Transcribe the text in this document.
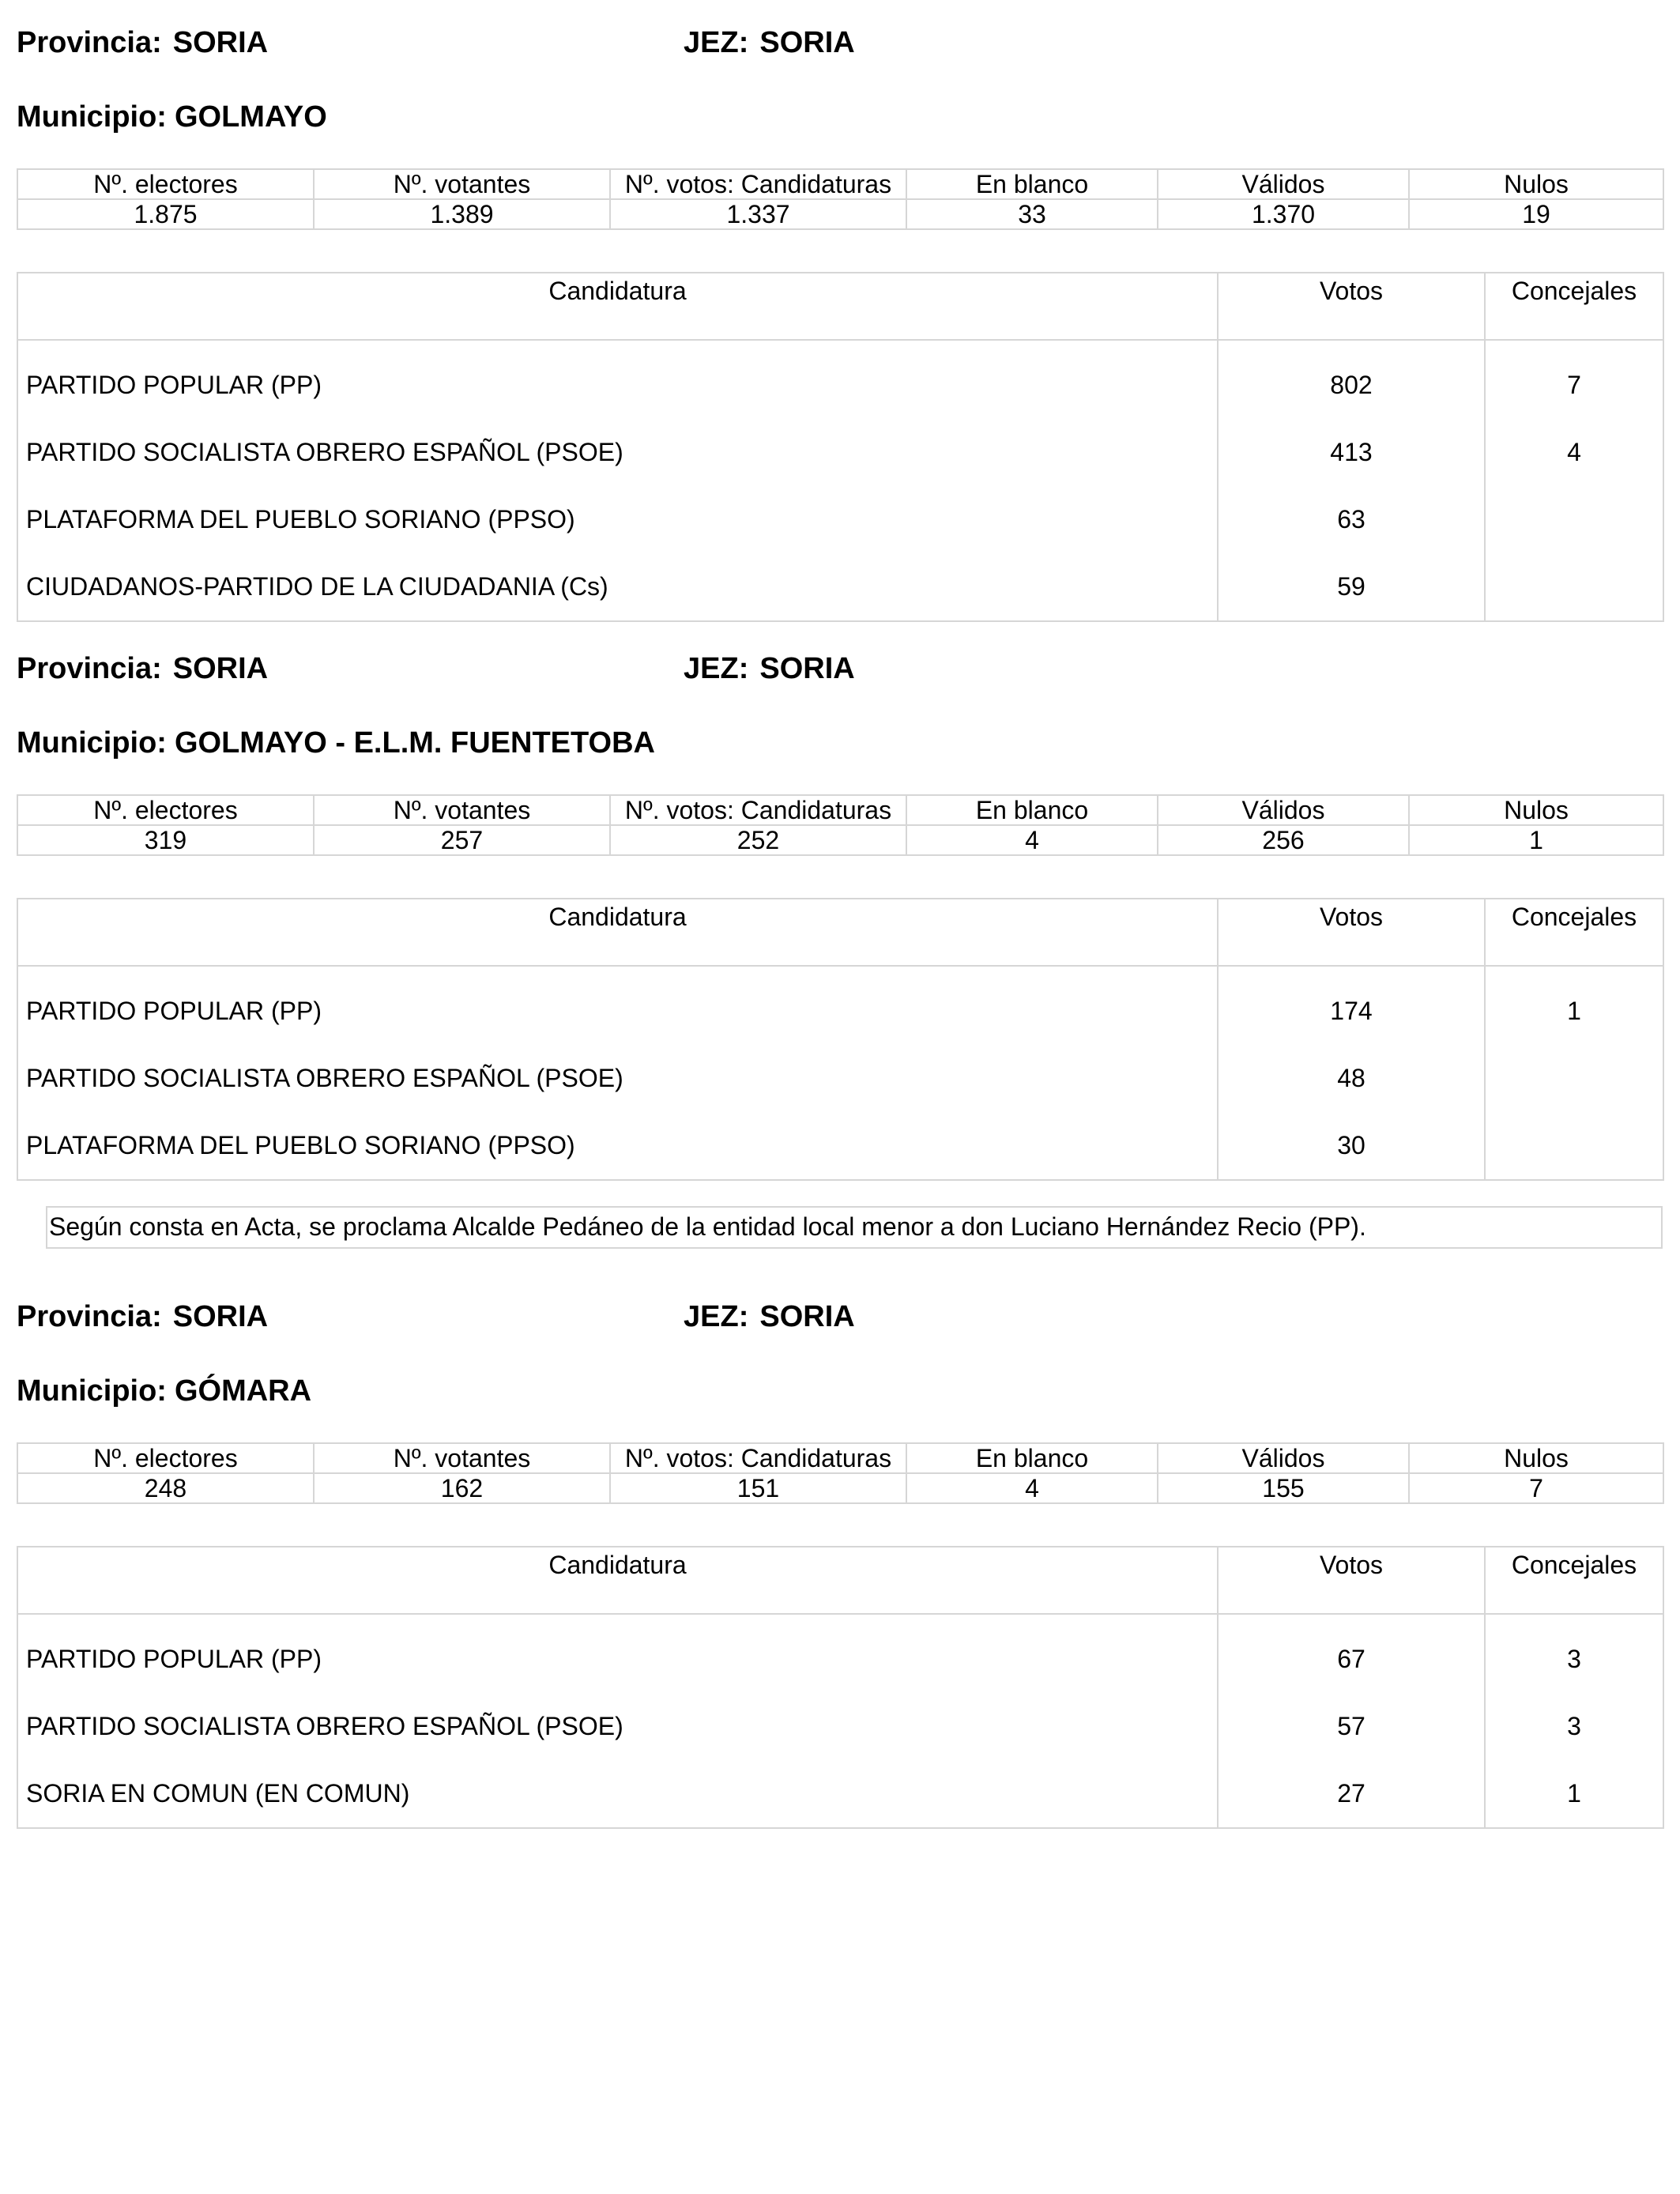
Provincia: SORIA	JEZ: SORIA
Municipio: GOLMAYO
Nº. electores	Nº. votantes	Nº. votos: Candidaturas	En blanco	Válidos	Nulos
1.875	1.389	1.337	33	1.370	19
Candidatura	Votos	Concejales
PARTIDO POPULAR (PP)	802	7
PARTIDO SOCIALISTA OBRERO ESPAÑOL (PSOE)	413	4
PLATAFORMA DEL PUEBLO SORIANO (PPSO)	63	
CIUDADANOS-PARTIDO DE LA CIUDADANIA (Cs)	59	
Provincia: SORIA	JEZ: SORIA
Municipio: GOLMAYO - E.L.M. FUENTETOBA
Nº. electores	Nº. votantes	Nº. votos: Candidaturas	En blanco	Válidos	Nulos
319	257	252	4	256	1
Candidatura	Votos	Concejales
PARTIDO POPULAR (PP)	174	1
PARTIDO SOCIALISTA OBRERO ESPAÑOL (PSOE)	48	
PLATAFORMA DEL PUEBLO SORIANO (PPSO)	30	
Según consta en Acta, se proclama Alcalde Pedáneo de la entidad local menor a don Luciano Hernández Recio (PP).
Provincia: SORIA	JEZ: SORIA
Municipio: GÓMARA
Nº. electores	Nº. votantes	Nº. votos: Candidaturas	En blanco	Válidos	Nulos
248	162	151	4	155	7
Candidatura	Votos	Concejales
PARTIDO POPULAR (PP)	67	3
PARTIDO SOCIALISTA OBRERO ESPAÑOL (PSOE)	57	3
SORIA EN COMUN (EN COMUN)	27	1
